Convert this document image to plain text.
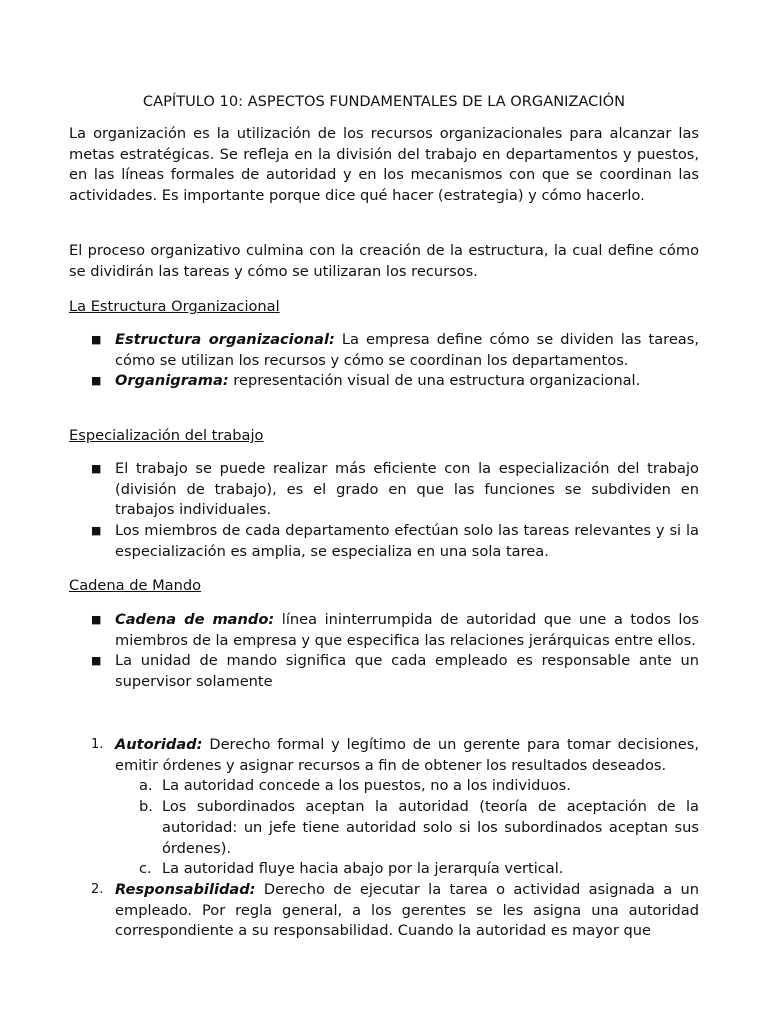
CAPÍTULO 10: ASPECTOS FUNDAMENTALES DE LA ORGANIZACIÓN
La organización es la utilización de los recursos organizacionales para alcanzar las metas estratégicas. Se refleja en la división del trabajo en departamentos y puestos, en las líneas formales de autoridad y en los mecanismos con que se coordinan las actividades. Es importante porque dice qué hacer (estrategia) y cómo hacerlo.
El proceso organizativo culmina con la creación de la estructura, la cual define cómo se dividirán las tareas y cómo se utilizaran los recursos.
La Estructura Organizacional
■ Estructura organizacional: La empresa define cómo se dividen las tareas, cómo se utilizan los recursos y cómo se coordinan los departamentos.
■ Organigrama: representación visual de una estructura organizacional.
Especialización del trabajo
■ El trabajo se puede realizar más eficiente con la especialización del trabajo (división de trabajo), es el grado en que las funciones se subdividen en trabajos individuales.
■ Los miembros de cada departamento efectúan solo las tareas relevantes y si la especialización es amplia, se especializa en una sola tarea.
Cadena de Mando
■ Cadena de mando: línea ininterrumpida de autoridad que une a todos los miembros de la empresa y que especifica las relaciones jerárquicas entre ellos.
■ La unidad de mando significa que cada empleado es responsable ante un supervisor solamente
1. Autoridad: Derecho formal y legítimo de un gerente para tomar decisiones, emitir órdenes y asignar recursos a fin de obtener los resultados deseados.
a. La autoridad concede a los puestos, no a los individuos.
b. Los subordinados aceptan la autoridad (teoría de aceptación de la autoridad: un jefe tiene autoridad solo si los subordinados aceptan sus órdenes).
c. La autoridad fluye hacia abajo por la jerarquía vertical.
2. Responsabilidad: Derecho de ejecutar la tarea o actividad asignada a un empleado. Por regla general, a los gerentes se les asigna una autoridad correspondiente a su responsabilidad. Cuando la autoridad es mayor que
